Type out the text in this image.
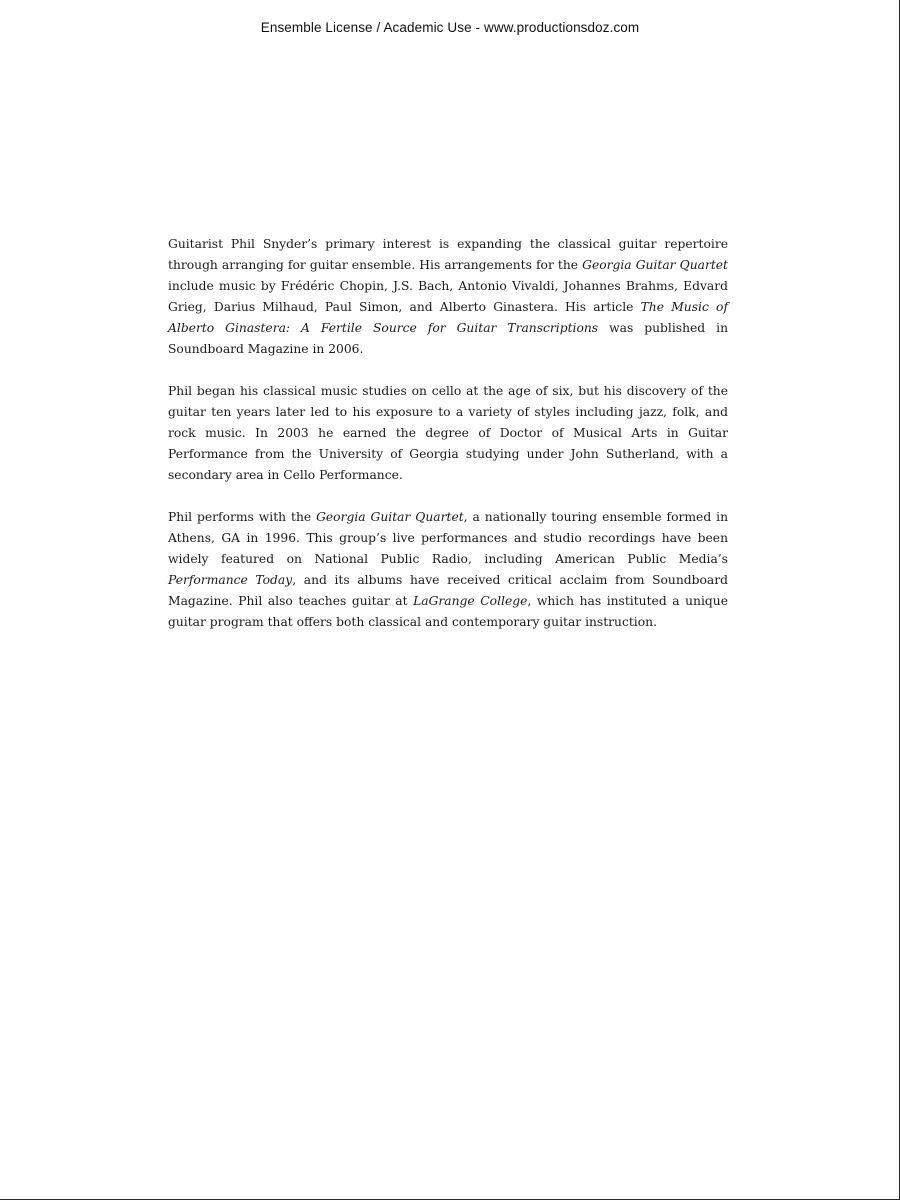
Ensemble License / Academic Use - www.productionsdoz.com

Guitarist Phil Snyder’s primary interest is expanding the classical guitar repertoire through arranging for guitar ensemble. His arrangements for the Georgia Guitar Quartet include music by Frédéric Chopin, J.S. Bach, Antonio Vivaldi, Johannes Brahms, Edvard Grieg, Darius Milhaud, Paul Simon, and Alberto Ginastera. His article The Music of Alberto Ginastera: A Fertile Source for Guitar Transcriptions was published in Soundboard Magazine in 2006.

Phil began his classical music studies on cello at the age of six, but his discovery of the guitar ten years later led to his exposure to a variety of styles including jazz, folk, and rock music. In 2003 he earned the degree of Doctor of Musical Arts in Guitar Performance from the University of Georgia studying under John Sutherland, with a secondary area in Cello Performance.

Phil performs with the Georgia Guitar Quartet, a nationally touring ensemble formed in Athens, GA in 1996. This group’s live performances and studio recordings have been widely featured on National Public Radio, including American Public Media’s Performance Today, and its albums have received critical acclaim from Soundboard Magazine. Phil also teaches guitar at LaGrange College, which has instituted a unique guitar program that offers both classical and contemporary guitar instruction.
